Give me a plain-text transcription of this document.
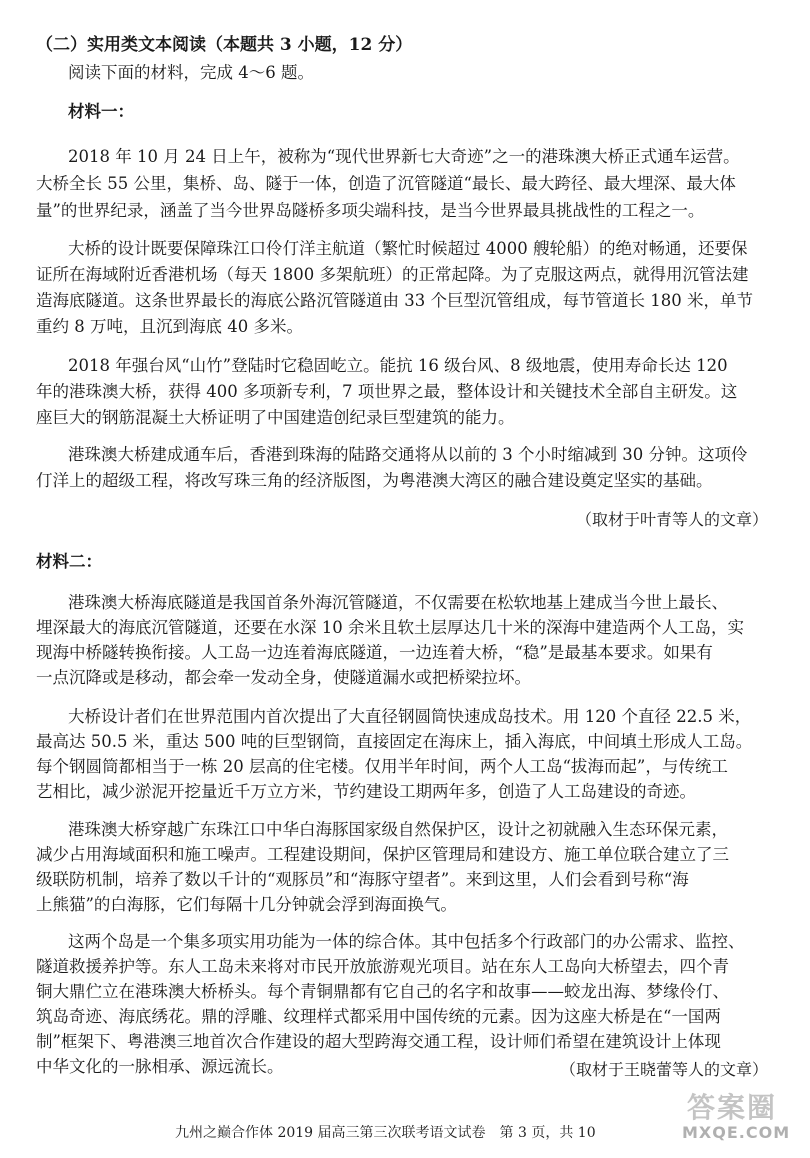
（二）实用类文本阅读（本题共 3 小题，12 分）
阅读下面的材料，完成 4～6 题。
材料一：
2018 年 10 月 24 日上午，被称为“现代世界新七大奇迹”之一的港珠澳大桥正式通车运营。
大桥全长 55 公里，集桥、岛、隧于一体，创造了沉管隧道“最长、最大跨径、最大埋深、最大体
量”的世界纪录，涵盖了当今世界岛隧桥多项尖端科技，是当今世界最具挑战性的工程之一。
大桥的设计既要保障珠江口伶仃洋主航道（繁忙时候超过 4000 艘轮船）的绝对畅通，还要保
证所在海域附近香港机场（每天 1800 多架航班）的正常起降。为了克服这两点，就得用沉管法建
造海底隧道。这条世界最长的海底公路沉管隧道由 33 个巨型沉管组成，每节管道长 180 米，单节
重约 8 万吨，且沉到海底 40 多米。
2018 年强台风“山竹”登陆时它稳固屹立。能抗 16 级台风、8 级地震，使用寿命长达 120
年的港珠澳大桥，获得 400 多项新专利，7 项世界之最，整体设计和关键技术全部自主研发。这
座巨大的钢筋混凝土大桥证明了中国建造创纪录巨型建筑的能力。
港珠澳大桥建成通车后，香港到珠海的陆路交通将从以前的 3 个小时缩减到 30 分钟。这项伶
仃洋上的超级工程，将改写珠三角的经济版图，为粤港澳大湾区的融合建设奠定坚实的基础。
（取材于叶青等人的文章）
材料二：
港珠澳大桥海底隧道是我国首条外海沉管隧道，不仅需要在松软地基上建成当今世上最长、
埋深最大的海底沉管隧道，还要在水深 10 余米且软土层厚达几十米的深海中建造两个人工岛，实
现海中桥隧转换衔接。人工岛一边连着海底隧道，一边连着大桥，“稳”是最基本要求。如果有
一点沉降或是移动，都会牵一发动全身，使隧道漏水或把桥梁拉坏。
大桥设计者们在世界范围内首次提出了大直径钢圆筒快速成岛技术。用 120 个直径 22.5 米，
最高达 50.5 米，重达 500 吨的巨型钢筒，直接固定在海床上，插入海底，中间填土形成人工岛。
每个钢圆筒都相当于一栋 20 层高的住宅楼。仅用半年时间，两个人工岛“拔海而起”，与传统工
艺相比，减少淤泥开挖量近千万立方米，节约建设工期两年多，创造了人工岛建设的奇迹。
港珠澳大桥穿越广东珠江口中华白海豚国家级自然保护区，设计之初就融入生态环保元素，
减少占用海域面积和施工噪声。工程建设期间，保护区管理局和建设方、施工单位联合建立了三
级联防机制，培养了数以千计的“观豚员”和“海豚守望者”。来到这里，人们会看到号称“海
上熊猫”的白海豚，它们每隔十几分钟就会浮到海面换气。
这两个岛是一个集多项实用功能为一体的综合体。其中包括多个行政部门的办公需求、监控、
隧道救援养护等。东人工岛未来将对市民开放旅游观光项目。站在东人工岛向大桥望去，四个青
铜大鼎伫立在港珠澳大桥桥头。每个青铜鼎都有它自己的名字和故事——蛟龙出海、梦缘伶仃、
筑岛奇迹、海底绣花。鼎的浮雕、纹理样式都采用中国传统的元素。因为这座大桥是在“一国两
制”框架下、粤港澳三地首次合作建设的超大型跨海交通工程，设计师们希望在建筑设计上体现
中华文化的一脉相承、源远流长。	（取材于王晓蕾等人的文章）
九州之巅合作体 2019 届高三第三次联考语文试卷　第 3 页，共 10
答案圈
MXQE.COM
